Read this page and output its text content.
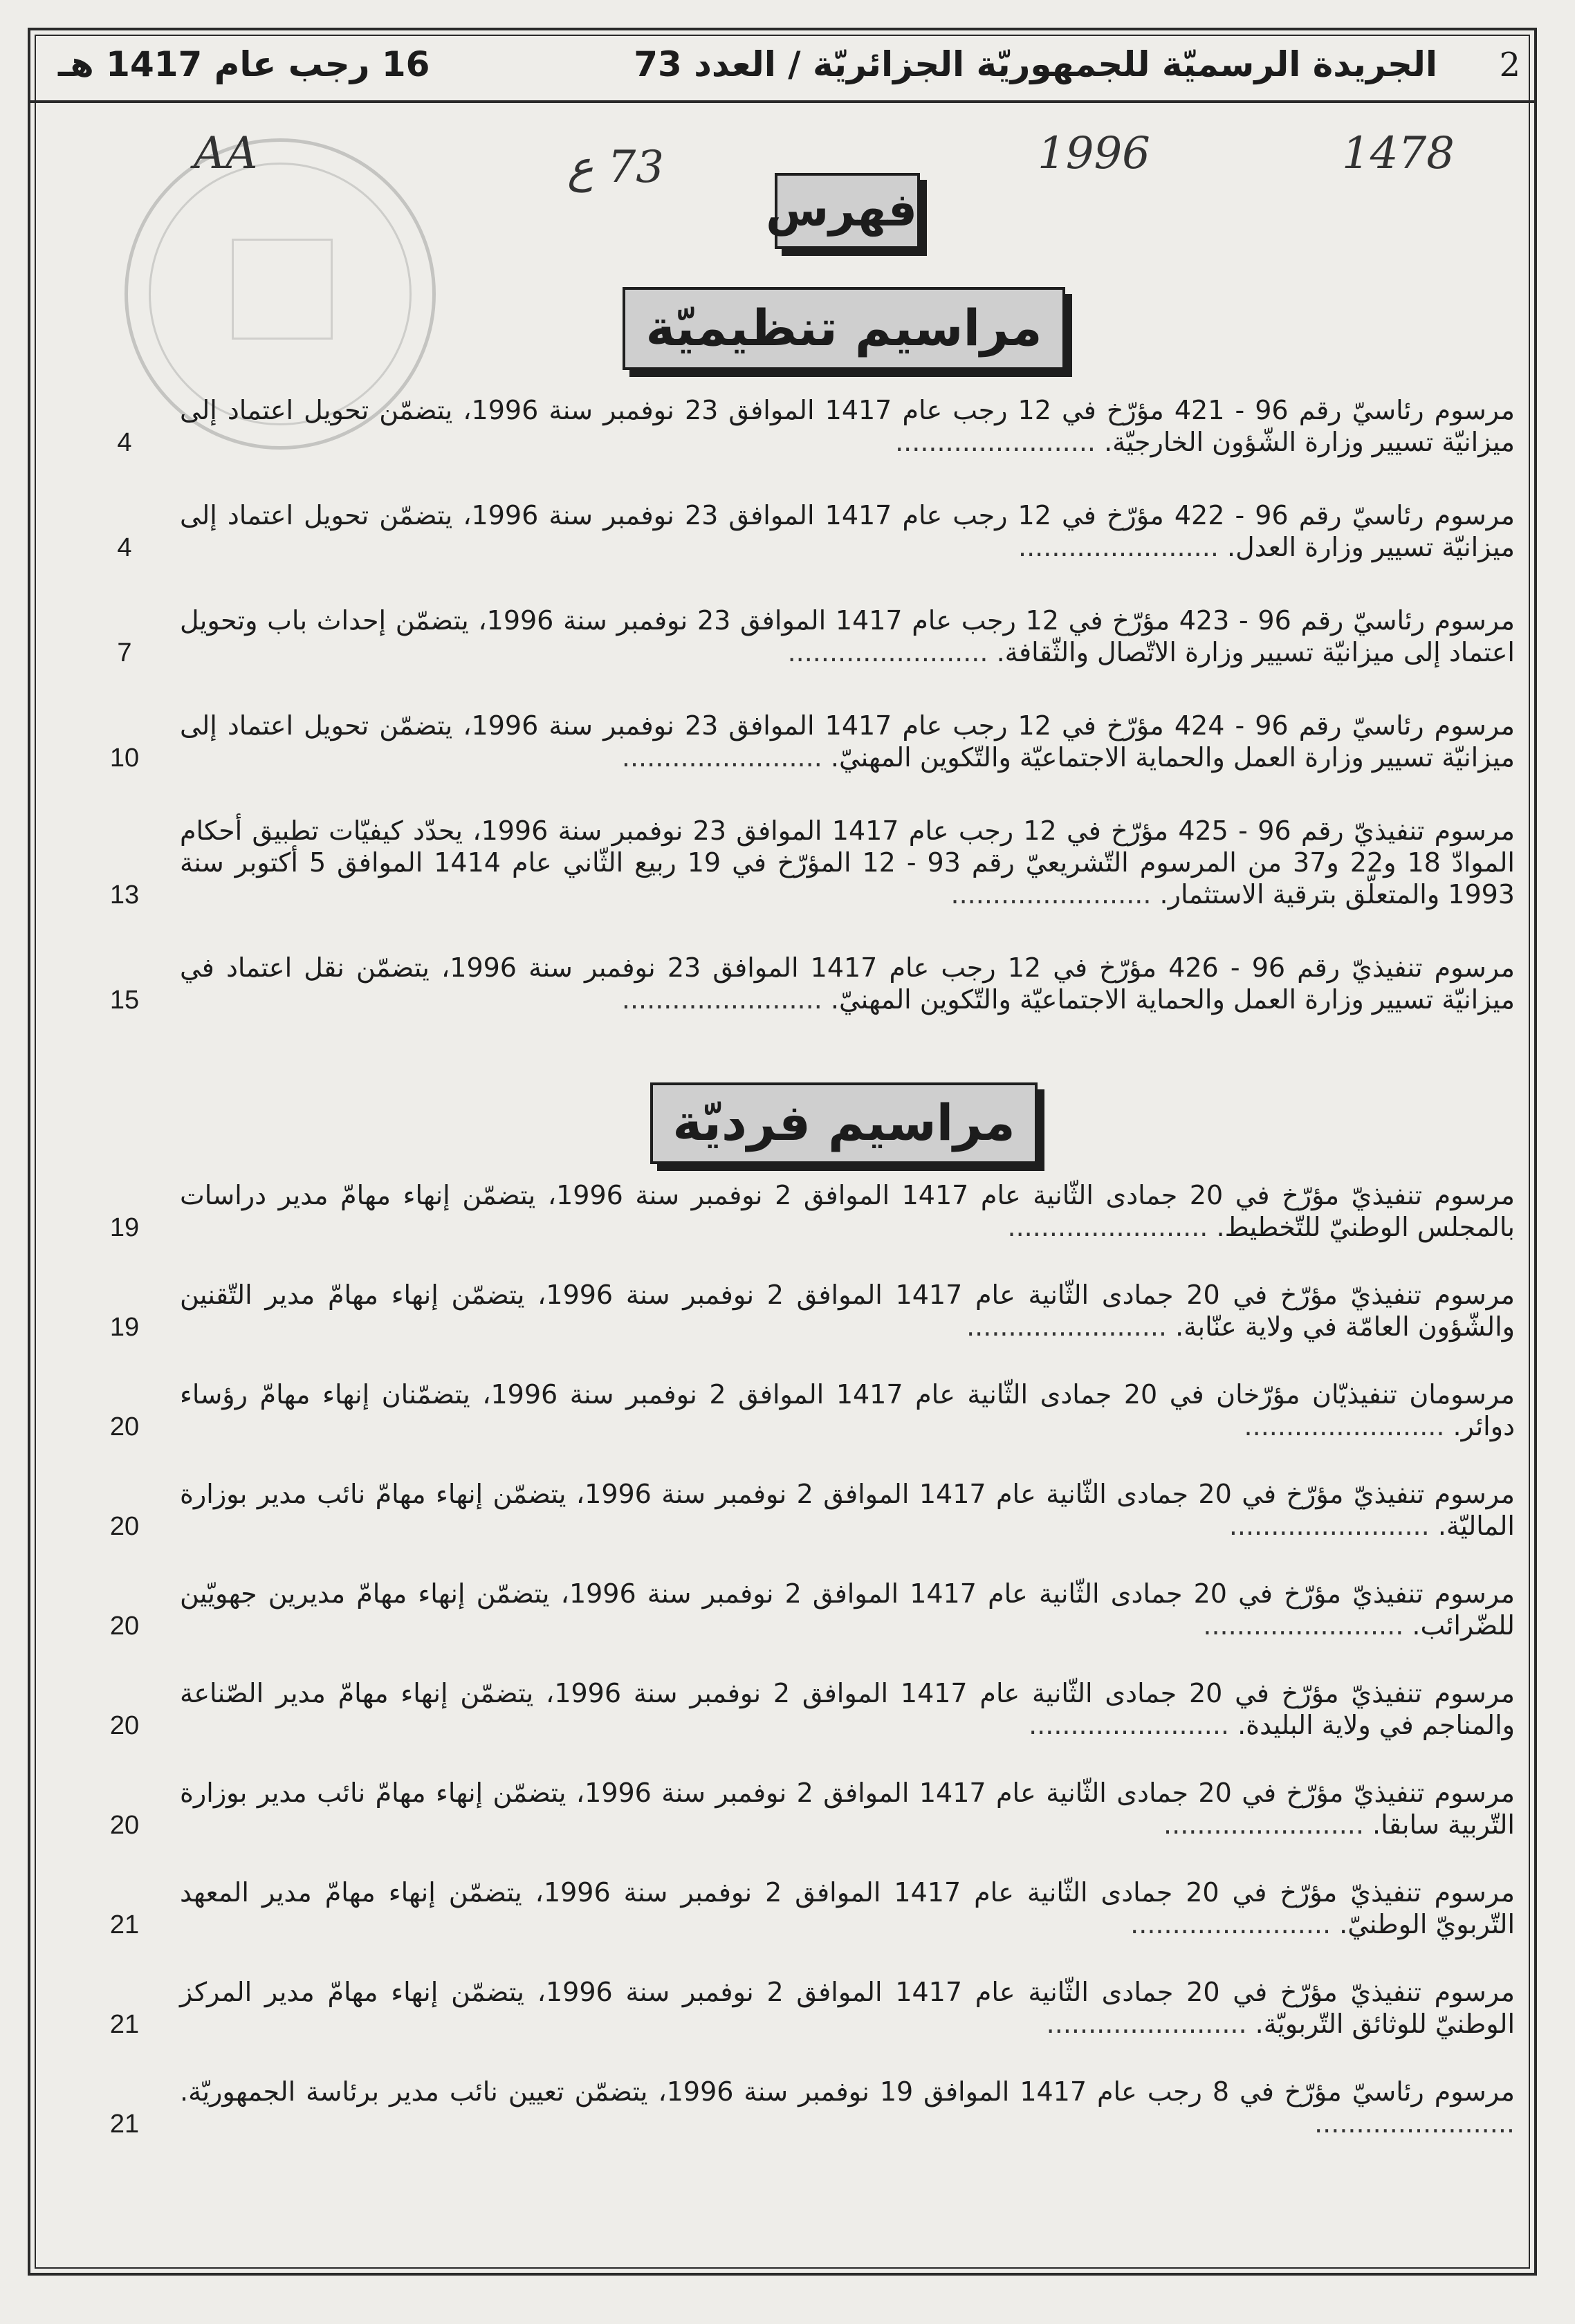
2
الجريدة الرسميّة للجمهوريّة الجزائريّة / العدد 73
16 رجب عام 1417 هـ
AA	73 ع	1996	1478
فهرس
مراسيم تنظيميّة
مراسيم فرديّة
مرسوم رئاسيّ رقم 96 - 421 مؤرّخ في 12 رجب عام 1417 الموافق 23 نوفمبر سنة 1996، يتضمّن تحويل اعتماد إلى ميزانيّة تسيير وزارة الشّؤون الخارجيّة. ........................
4
مرسوم رئاسيّ رقم 96 - 422 مؤرّخ في 12 رجب عام 1417 الموافق 23 نوفمبر سنة 1996، يتضمّن تحويل اعتماد إلى ميزانيّة تسيير وزارة العدل. ........................
4
مرسوم رئاسيّ رقم 96 - 423 مؤرّخ في 12 رجب عام 1417 الموافق 23 نوفمبر سنة 1996، يتضمّن إحداث باب وتحويل اعتماد إلى ميزانيّة تسيير وزارة الاتّصال والثّقافة. ........................
7
مرسوم رئاسيّ رقم 96 - 424 مؤرّخ في 12 رجب عام 1417 الموافق 23 نوفمبر سنة 1996، يتضمّن تحويل اعتماد إلى ميزانيّة تسيير وزارة العمل والحماية الاجتماعيّة والتّكوين المهنيّ. ........................
10
مرسوم تنفيذيّ رقم 96 - 425 مؤرّخ في 12 رجب عام 1417 الموافق 23 نوفمبر سنة 1996، يحدّد كيفيّات تطبيق أحكام الموادّ 18 و22 و37 من المرسوم التّشريعيّ رقم 93 - 12 المؤرّخ في 19 ربيع الثّاني عام 1414 الموافق 5 أكتوبر سنة 1993 والمتعلّق بترقية الاستثمار. ........................
13
مرسوم تنفيذيّ رقم 96 - 426 مؤرّخ في 12 رجب عام 1417 الموافق 23 نوفمبر سنة 1996، يتضمّن نقل اعتماد في ميزانيّة تسيير وزارة العمل والحماية الاجتماعيّة والتّكوين المهنيّ. ........................
15
مرسوم تنفيذيّ مؤرّخ في 20 جمادى الثّانية عام 1417 الموافق 2 نوفمبر سنة 1996، يتضمّن إنهاء مهامّ مدير دراسات بالمجلس الوطنيّ للتّخطيط. ........................
19
مرسوم تنفيذيّ مؤرّخ في 20 جمادى الثّانية عام 1417 الموافق 2 نوفمبر سنة 1996، يتضمّن إنهاء مهامّ مدير التّقنين والشّؤون العامّة في ولاية عنّابة. ........................
19
مرسومان تنفيذيّان مؤرّخان في 20 جمادى الثّانية عام 1417 الموافق 2 نوفمبر سنة 1996، يتضمّنان إنهاء مهامّ رؤساء دوائر. ........................
20
مرسوم تنفيذيّ مؤرّخ في 20 جمادى الثّانية عام 1417 الموافق 2 نوفمبر سنة 1996، يتضمّن إنهاء مهامّ نائب مدير بوزارة الماليّة. ........................
20
مرسوم تنفيذيّ مؤرّخ في 20 جمادى الثّانية عام 1417 الموافق 2 نوفمبر سنة 1996، يتضمّن إنهاء مهامّ مديرين جهويّين للضّرائب. ........................
20
مرسوم تنفيذيّ مؤرّخ في 20 جمادى الثّانية عام 1417 الموافق 2 نوفمبر سنة 1996، يتضمّن إنهاء مهامّ مدير الصّناعة والمناجم في ولاية البليدة. ........................
20
مرسوم تنفيذيّ مؤرّخ في 20 جمادى الثّانية عام 1417 الموافق 2 نوفمبر سنة 1996، يتضمّن إنهاء مهامّ نائب مدير بوزارة التّربية سابقا. ........................
20
مرسوم تنفيذيّ مؤرّخ في 20 جمادى الثّانية عام 1417 الموافق 2 نوفمبر سنة 1996، يتضمّن إنهاء مهامّ مدير المعهد التّربويّ الوطنيّ. ........................
21
مرسوم تنفيذيّ مؤرّخ في 20 جمادى الثّانية عام 1417 الموافق 2 نوفمبر سنة 1996، يتضمّن إنهاء مهامّ مدير المركز الوطنيّ للوثائق التّربويّة. ........................
21
مرسوم رئاسيّ مؤرّخ في 8 رجب عام 1417 الموافق 19 نوفمبر سنة 1996، يتضمّن تعيين نائب مدير برئاسة الجمهوريّة. ........................
21
